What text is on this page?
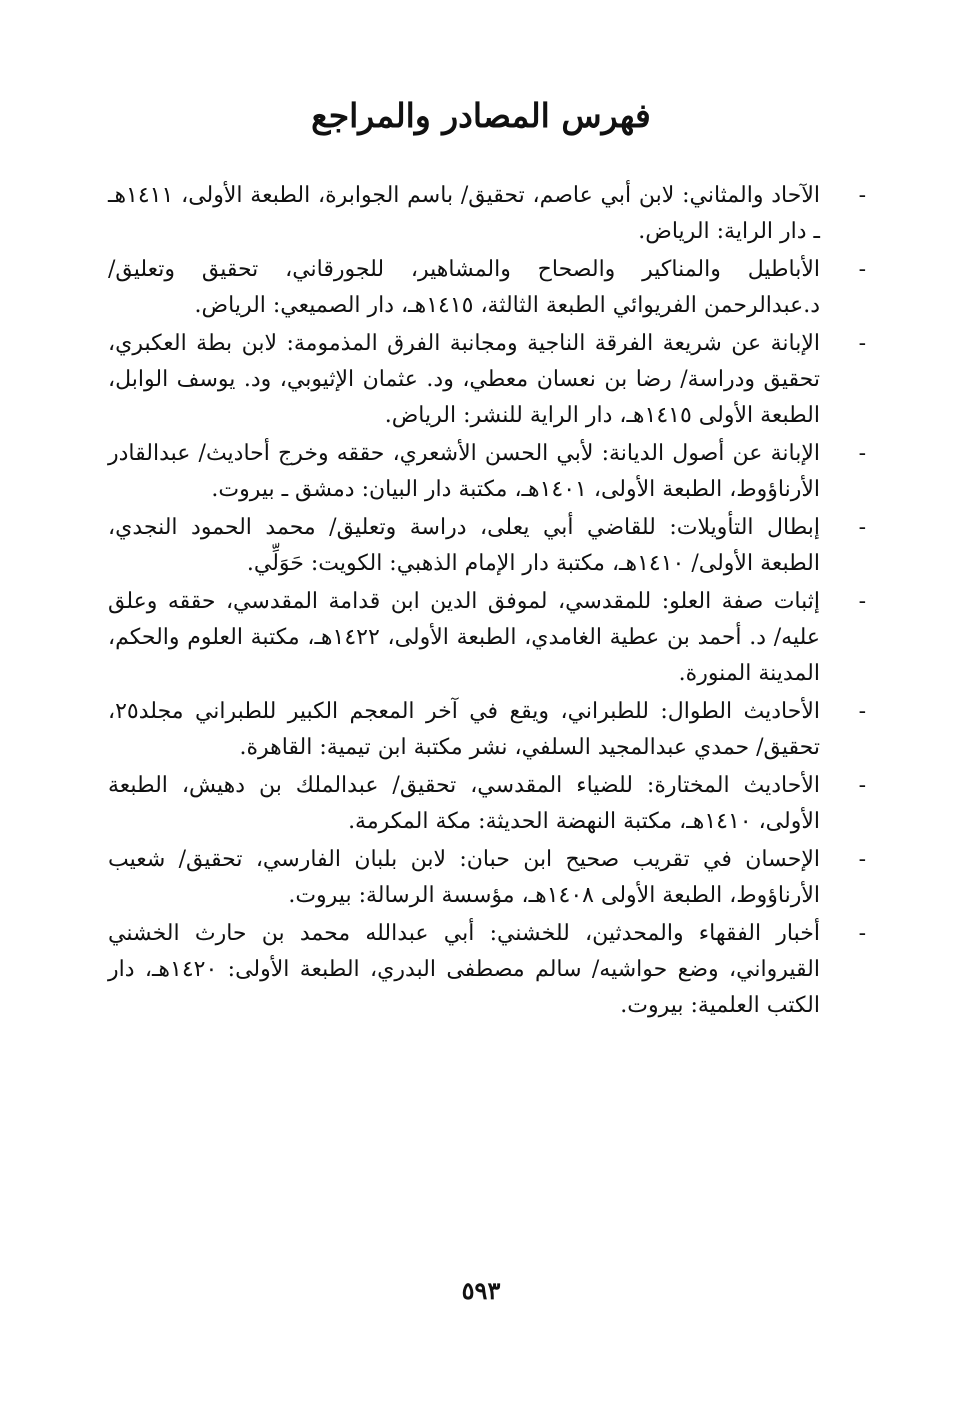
فهرس المصادر والمراجع
-
الآحاد والمثاني: لابن أبي عاصم، تحقيق/ باسم الجوابرة، الطبعة الأولى، ١٤١١هـ ـ دار الراية: الرياض.
-
الأباطيل والمناكير والصحاح والمشاهير، للجورقاني، تحقيق وتعليق/ د.عبدالرحمن الفريوائي الطبعة الثالثة، ١٤١٥هـ، دار الصميعي: الرياض.
-
الإبانة عن شريعة الفرقة الناجية ومجانبة الفرق المذمومة: لابن بطة العكبري، تحقيق ودراسة/ رضا بن نعسان معطي، ود. عثمان الإثيوبي، ود. يوسف الوابل، الطبعة الأولى ١٤١٥هـ، دار الراية للنشر: الرياض.
-
الإبانة عن أصول الديانة: لأبي الحسن الأشعري، حققه وخرج أحاديث/ عبدالقادر الأرناؤوط، الطبعة الأولى، ١٤٠١هـ، مكتبة دار البيان: دمشق ـ بيروت.
-
إبطال التأويلات: للقاضي أبي يعلى، دراسة وتعليق/ محمد الحمود النجدي، الطبعة الأولى/ ١٤١٠هـ، مكتبة دار الإمام الذهبي: الكويت: حَوَلِّي.
-
إثبات صفة العلو: للمقدسي، لموفق الدين ابن قدامة المقدسي، حققه وعلق عليه/ د. أحمد بن عطية الغامدي، الطبعة الأولى، ١٤٢٢هـ، مكتبة العلوم والحكم، المدينة المنورة.
-
الأحاديث الطوال: للطبراني، ويقع في آخر المعجم الكبير للطبراني مجلد٢٥، تحقيق/ حمدي عبدالمجيد السلفي، نشر مكتبة ابن تيمية: القاهرة.
-
الأحاديث المختارة: للضياء المقدسي، تحقيق/ عبدالملك بن دهيش، الطبعة الأولى، ١٤١٠هـ، مكتبة النهضة الحديثة: مكة المكرمة.
-
الإحسان في تقريب صحيح ابن حبان: لابن بلبان الفارسي، تحقيق/ شعيب الأرناؤوط، الطبعة الأولى ١٤٠٨هـ، مؤسسة الرسالة: بيروت.
-
أخبار الفقهاء والمحدثين، للخشني: أبي عبدالله محمد بن حارث الخشني القيرواني، وضع حواشيه/ سالم مصطفى البدري، الطبعة الأولى: ١٤٢٠هـ، دار الكتب العلمية: بيروت.
٥٩٣
